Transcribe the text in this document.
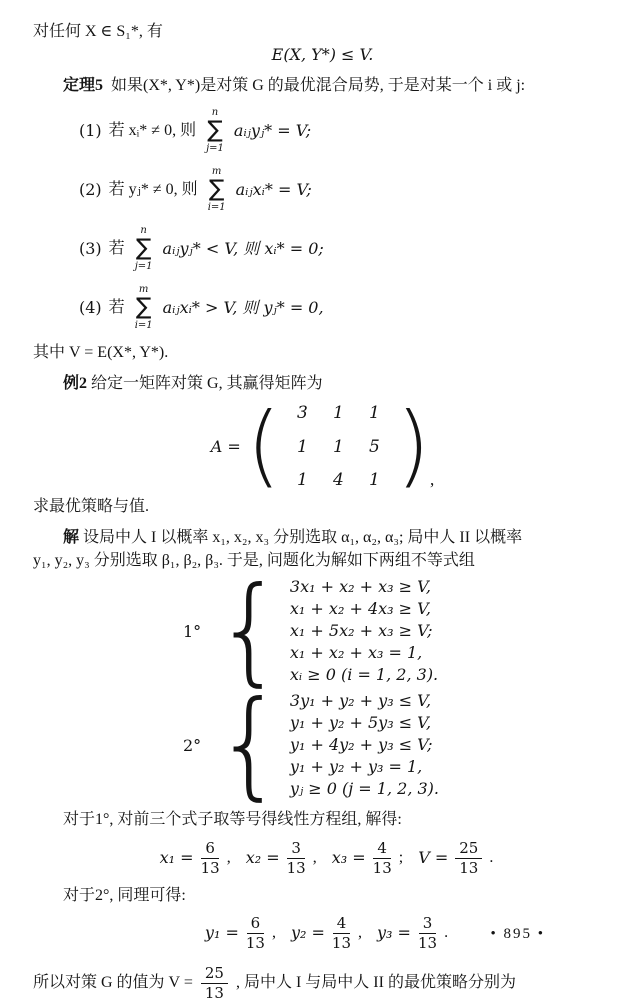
对任何 X ∈ S₁*, 有

E(X, Y*) ≤ V.

定理5 如果(X*, Y*)是对策 G 的最优混合局势, 于是对某一个 i 或 j:

(1) 若 xᵢ* ≠ 0, 则
n
∑
j=1
aᵢⱼyⱼ* = V;
(2) 若 yⱼ* ≠ 0, 则
m
∑
i=1
aᵢⱼxᵢ* = V;
(3) 若
n
∑
j=1
aᵢⱼyⱼ* < V, 则 xᵢ* = 0;
(4) 若
m
∑
i=1
aᵢⱼxᵢ* > V, 则 yⱼ* = 0,

其中 V = E(X*, Y*).

例2 给定一矩阵对策 G, 其赢得矩阵为

A = ( 3	1	1
1	1	5
1	4	1 ) ,

求最优策略与值.

解 设局中人 I 以概率 x₁, x₂, x₃ 分别选取 α₁, α₂, α₃; 局中人 II 以概率

y₁, y₂, y₃ 分别选取 β₁, β₂, β₃. 于是, 问题化为解如下两组不等式组

1° { 3x₁ + x₂ + x₃ ≥ V,
x₁ + x₂ + 4x₃ ≥ V,
x₁ + 5x₂ + x₃ ≥ V;
x₁ + x₂ + x₃ = 1,
xᵢ ≥ 0 (i = 1, 2, 3).
2° { 3y₁ + y₂ + y₃ ≤ V,
y₁ + y₂ + 5y₃ ≤ V,
y₁ + 4y₂ + y₃ ≤ V;
y₁ + y₂ + y₃ = 1,
yⱼ ≥ 0 (j = 1, 2, 3).

对于1°, 对前三个式子取等号得线性方程组, 解得:

$x_1 = \frac{6}{13}$ , $x_2 = \frac{3}{13}$ , $x_3 = \frac{4}{13}$ ; $V = \frac{25}{13}$ .

对于2°, 同理可得:

$y_1 = \frac{6}{13}$ , $y_2 = \frac{4}{13}$ , $y_3 = \frac{3}{13}$ .
所以对策 G 的值为 $V = \frac{25}{13}$ , 局中人 I 与局中人 II 的最优策略分别为
• 895 •
